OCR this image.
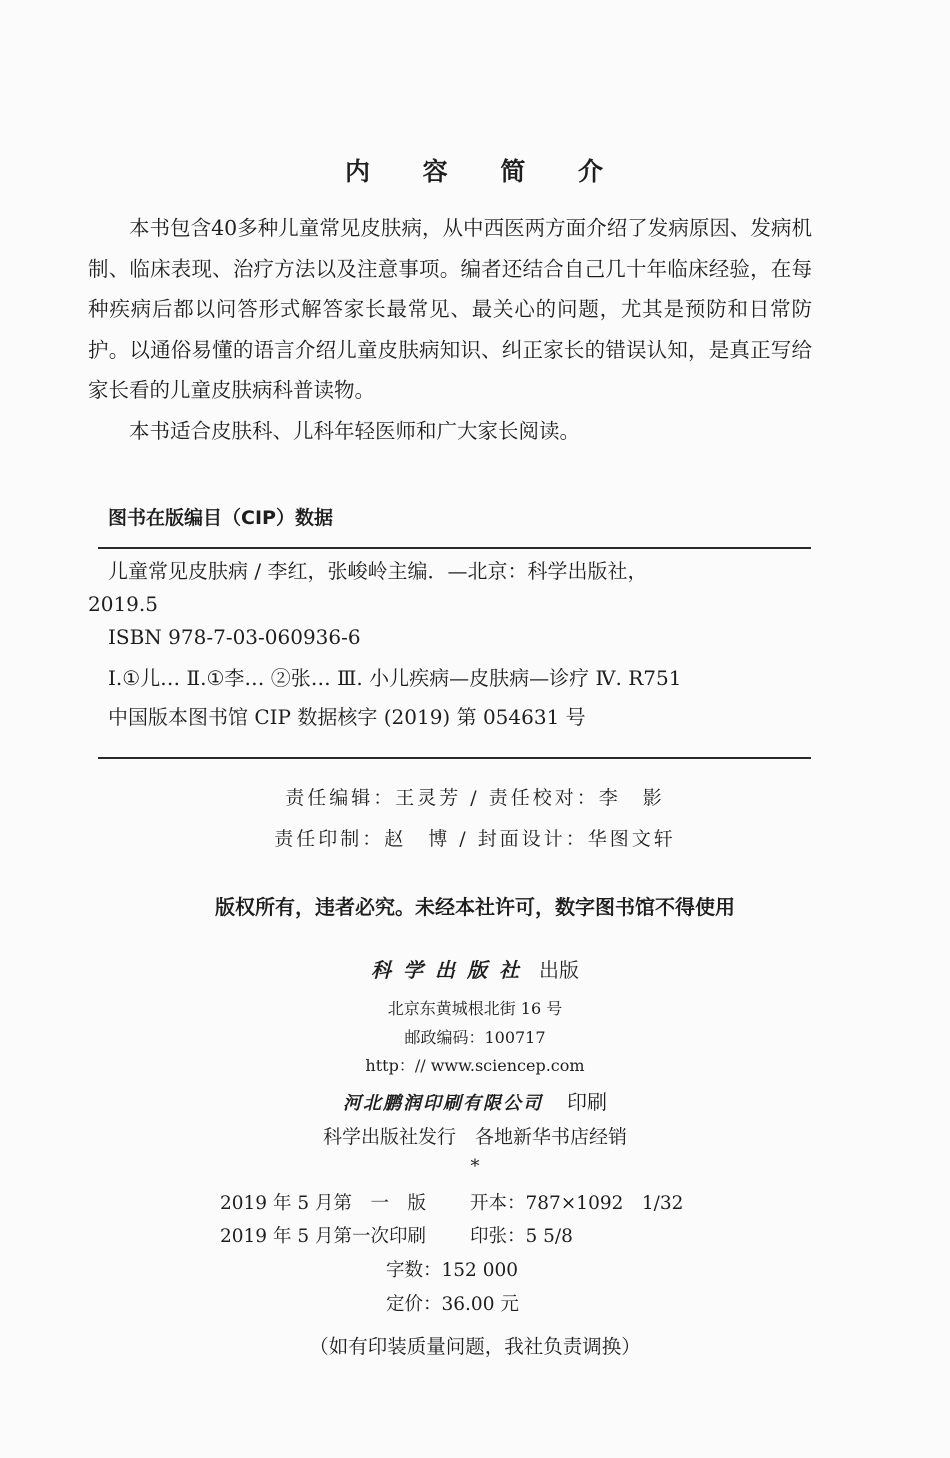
内 容 简 介

本书包含40多种儿童常见皮肤病，从中西医两方面介绍了发病原因、发病机制、临床表现、治疗方法以及注意事项。编者还结合自己几十年临床经验，在每种疾病后都以问答形式解答家长最常见、最关心的问题，尤其是预防和日常防护。以通俗易懂的语言介绍儿童皮肤病知识、纠正家长的错误认知，是真正写给家长看的儿童皮肤病科普读物。

本书适合皮肤科、儿科年轻医师和广大家长阅读。

图书在版编目（CIP）数据
儿童常见皮肤病 / 李红，张峻岭主编．—北京：科学出版社，
2019.5
ISBN 978-7-03-060936-6
Ⅰ.①儿… Ⅱ.①李… ②张… Ⅲ. 小儿疾病—皮肤病—诊疗 Ⅳ. R751
中国版本图书馆 CIP 数据核字 (2019) 第 054631 号
责任编辑：王灵芳 / 责任校对：李　影
责任印制：赵　博 / 封面设计：华图文轩
版权所有，违者必究。未经本社许可，数字图书馆不得使用
科学出版社 出版
北京东黄城根北街 16 号
邮政编码：100717
http：// www.sciencep.com
河北鹏润印刷有限公司 印刷
科学出版社发行　各地新华书店经销
*
2019 年 5 月第　一　版 开本：787×1092　1/32
2019 年 5 月第一次印刷 印张：5 5/8
字数：152 000
定价：36.00 元
（如有印装质量问题，我社负责调换）
